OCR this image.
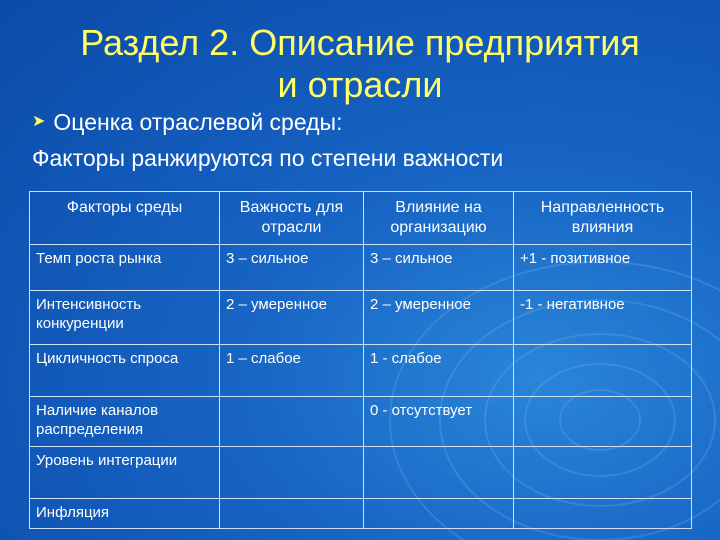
Раздел 2. Описание предприятия
и отрасли
➤ Оценка отраслевой среды:
Факторы ранжируются по степени важности
Факторы среды	Важность для отрасли	Влияние на организацию	Направленность влияния
Темп роста рынка	3 – сильное	3 – сильное	+1 - позитивное
Интенсивность конкуренции	2 – умеренное	2 – умеренное	-1 - негативное
Цикличность спроса	1 – слабое	1 - слабое	
Наличие каналов распределения		0 - отсутствует	
Уровень интеграции			
Инфляция			
